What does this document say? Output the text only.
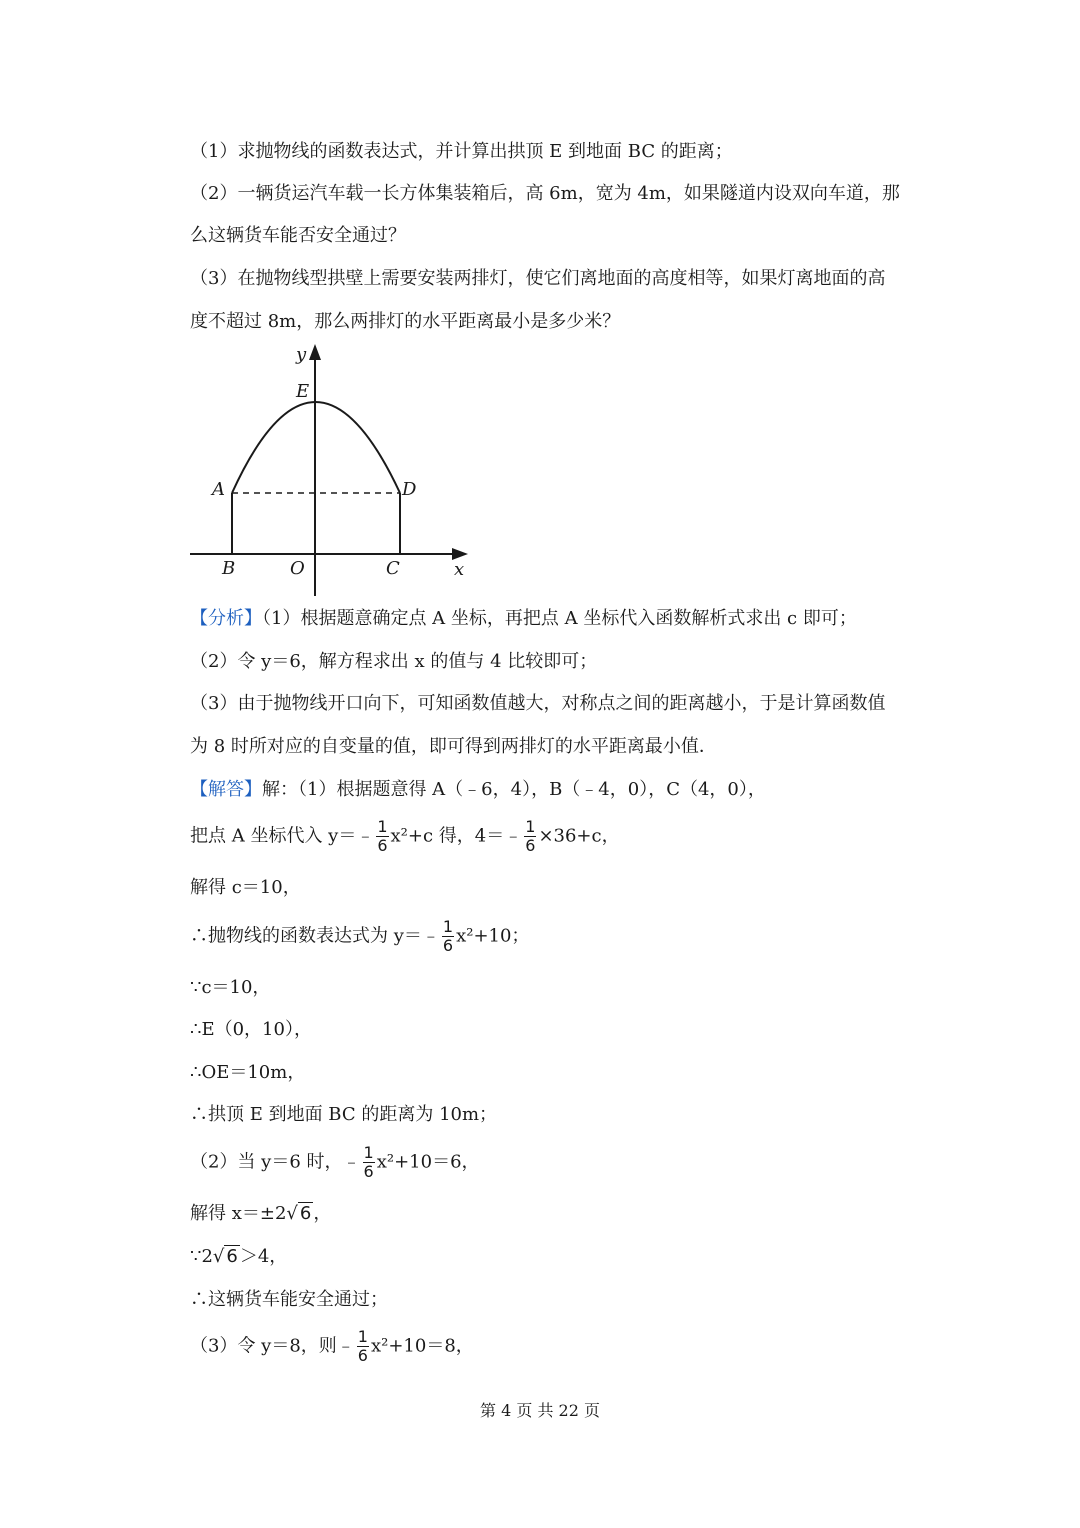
（1）求抛物线的函数表达式，并计算出拱顶 E 到地面 BC 的距离；
（2）一辆货运汽车载一长方体集装箱后，高 6m，宽为 4m，如果隧道内设双向车道，那
么这辆货车能否安全通过？
（3）在抛物线型拱壁上需要安装两排灯，使它们离地面的高度相等，如果灯离地面的高
度不超过 8m，那么两排灯的水平距离最小是多少米？
y
x
E
A	D
B	O	C
【分析】（1）根据题意确定点 A 坐标，再把点 A 坐标代入函数解析式求出 c 即可；
（2）令 y＝6，解方程求出 x 的值与 4 比较即可；
（3）由于抛物线开口向下，可知函数值越大，对称点之间的距离越小，于是计算函数值
为 8 时所对应的自变量的值，即可得到两排灯的水平距离最小值．
【解答】解：（1）根据题意得 A（﹣6，4），B（﹣4，0），C（4，0），
把点 A 坐标代入 y＝﹣ $\frac{1}{6} x^2+c$ 得，4＝﹣ $\frac{1}{6} \times 36+c$，
解得 c＝10，
∴抛物线的函数表达式为 y＝﹣ $\frac{1}{6} x^2+10$；
∵c＝10，
∴E（0，10），
∴OE＝10m，
∴拱顶 E 到地面 BC 的距离为 10m；
（2）当 y＝6 时，﹣ $\frac{1}{6} x^2+10=6$，
解得 x＝±2√ 6 ，
∵2√ 6 ＞4，
∴这辆货车能安全通过；
（3）令 y＝8，则﹣ $\frac{1}{6} x^2+10=8$，
第 4 页 共 22 页
